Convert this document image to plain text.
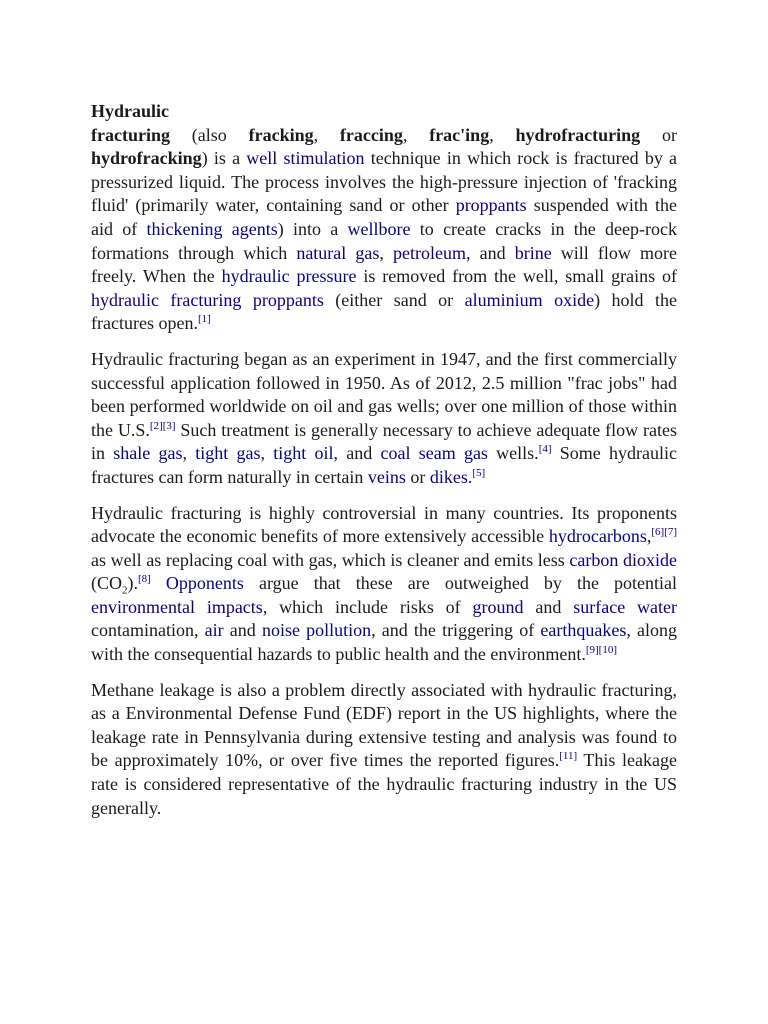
Hydraulic

fracturing (also fracking, fraccing, frac'ing, hydrofracturing or hydrofracking) is a well stimulation technique in which rock is fractured by a pressurized liquid. The process involves the high-pressure injection of 'fracking fluid' (primarily water, containing sand or other proppants suspended with the aid of thickening agents) into a wellbore to create cracks in the deep-rock formations through which natural gas, petroleum, and brine will flow more freely. When the hydraulic pressure is removed from the well, small grains of hydraulic fracturing proppants (either sand or aluminium oxide) hold the fractures open.[1]

Hydraulic fracturing began as an experiment in 1947, and the first commercially successful application followed in 1950. As of 2012, 2.5 million "frac jobs" had been performed worldwide on oil and gas wells; over one million of those within the U.S.[2][3] Such treatment is generally necessary to achieve adequate flow rates in shale gas, tight gas, tight oil, and coal seam gas wells.[4] Some hydraulic fractures can form naturally in certain veins or dikes.[5]

Hydraulic fracturing is highly controversial in many countries. Its proponents advocate the economic benefits of more extensively accessible hydrocarbons,[6][7] as well as replacing coal with gas, which is cleaner and emits less carbon dioxide $(CO_2).[8]$ Opponents argue that these are outweighed by the potential environmental impacts, which include risks of ground and surface water contamination, air and noise pollution, and the triggering of earthquakes, along with the consequential hazards to public health and the environment.[9][10]

Methane leakage is also a problem directly associated with hydraulic fracturing, as a Environmental Defense Fund (EDF) report in the US highlights, where the leakage rate in Pennsylvania during extensive testing and analysis was found to be approximately 10%, or over five times the reported figures.[11] This leakage rate is considered representative of the hydraulic fracturing industry in the US generally.
